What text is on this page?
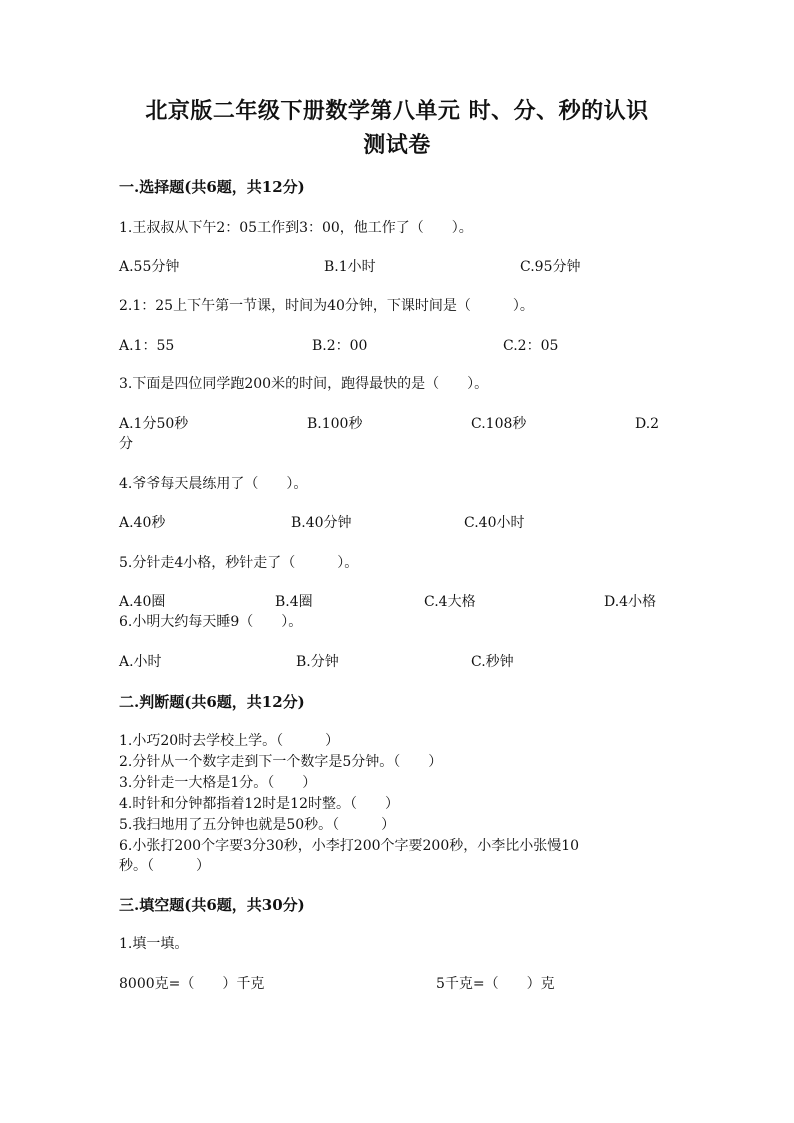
北京版二年级下册数学第八单元 时、分、秒的认识
测试卷
一.选择题(共6题，共12分)
1.王叔叔从下午2：05工作到3：00，他工作了（　　）。
A.55分钟	B.1小时	C.95分钟
2.1：25上下午第一节课，时间为40分钟，下课时间是（　　　）。
A.1：55	B.2：00	C.2：05
3.下面是四位同学跑200米的时间，跑得最快的是（　　）。
A.1分50秒	B.100秒	C.108秒	D.2
分
4.爷爷每天晨练用了（　　）。
A.40秒	B.40分钟	C.40小时
5.分针走4小格，秒针走了（　　　）。
A.40圈	B.4圈	C.4大格	D.4小格
6.小明大约每天睡9（　　）。
A.小时	B.分钟	C.秒钟
二.判断题(共6题，共12分)
1.小巧20时去学校上学。（　　　）
2.分针从一个数字走到下一个数字是5分钟。（　　）
3.分针走一大格是1分。（　　）
4.时针和分钟都指着12时是12时整。（　　）
5.我扫地用了五分钟也就是50秒。（　　　）
6.小张打200个字要3分30秒，小李打200个字要200秒，小李比小张慢10
秒。（　　　）
三.填空题(共6题，共30分)
1.填一填。
8000克=（　　）千克	5千克=（　　）克
